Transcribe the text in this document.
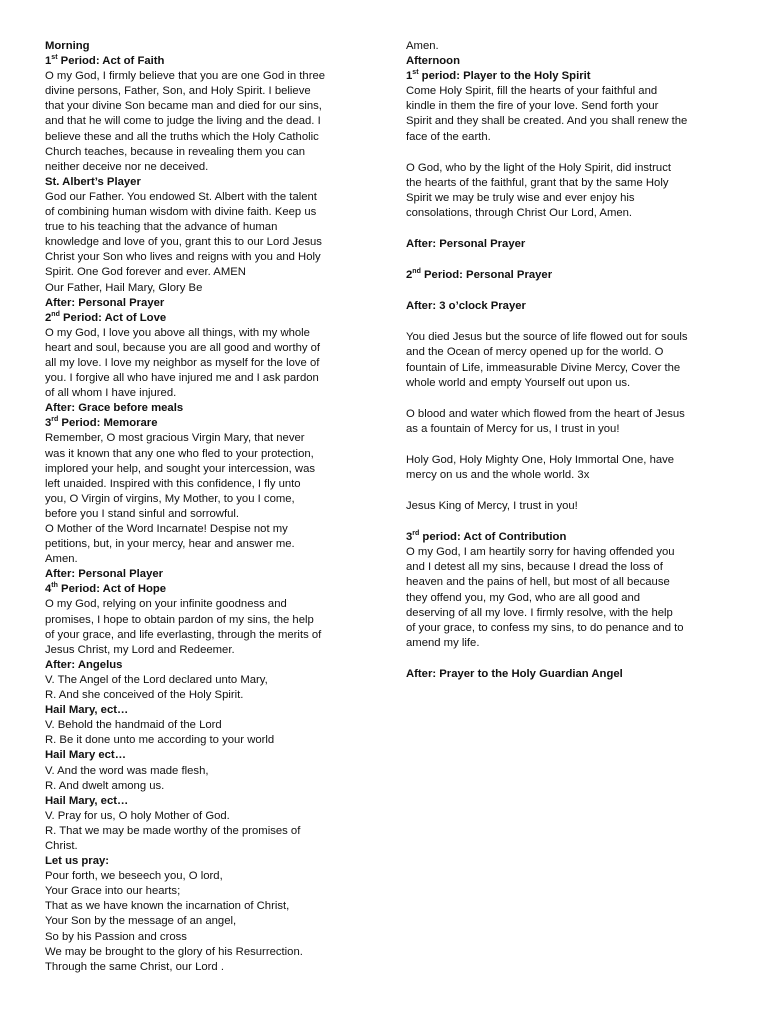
Morning
1st Period: Act of Faith
O my God, I firmly believe that you are one God in three
divine persons, Father, Son, and Holy Spirit. I believe
that your divine Son became man and died for our sins,
and that he will come to judge the living and the dead. I
believe these and all the truths which the Holy Catholic
Church teaches, because in revealing them you can
neither deceive nor ne deceived.
St. Albert’s Player
God our Father. You endowed St. Albert with the talent
of combining human wisdom with divine faith. Keep us
true to his teaching that the advance of human
knowledge and love of you, grant this to our Lord Jesus
Christ your Son who lives and reigns with you and Holy
Spirit. One God forever and ever. AMEN
Our Father, Hail Mary, Glory Be
After: Personal Prayer
2nd Period: Act of Love
O my God, I love you above all things, with my whole
heart and soul, because you are all good and worthy of
all my love. I love my neighbor as myself for the love of
you. I forgive all who have injured me and I ask pardon
of all whom I have injured.
After: Grace before meals
3rd Period: Memorare
Remember, O most gracious Virgin Mary, that never
was it known that any one who fled to your protection,
implored your help, and sought your intercession, was
left unaided. Inspired with this confidence, I fly unto
you, O Virgin of virgins, My Mother, to you I come,
before you I stand sinful and sorrowful.
O Mother of the Word Incarnate! Despise not my
petitions, but, in your mercy, hear and answer me.
Amen.
After: Personal Player
4th Period: Act of Hope
O my God, relying on your infinite goodness and
promises, I hope to obtain pardon of my sins, the help
of your grace, and life everlasting, through the merits of
Jesus Christ, my Lord and Redeemer.
After: Angelus
V. The Angel of the Lord declared unto Mary,
R. And she conceived of the Holy Spirit.
Hail Mary, ect…
V. Behold the handmaid of the Lord
R. Be it done unto me according to your world
Hail Mary ect…
V. And the word was made flesh,
R. And dwelt among us.
Hail Mary, ect…
V. Pray for us, O holy Mother of God.
R. That we may be made worthy of the promises of
Christ.
Let us pray:
Pour forth, we beseech you, O lord,
Your Grace into our hearts;
That as we have known the incarnation of Christ,
Your Son by the message of an angel,
So by his Passion and cross
We may be brought to the glory of his Resurrection.
Through the same Christ, our Lord .
Amen.
Afternoon
1st period: Player to the Holy Spirit
Come Holy Spirit, fill the hearts of your faithful and
kindle in them the fire of your love. Send forth your
Spirit and they shall be created. And you shall renew the
face of the earth.
O God, who by the light of the Holy Spirit, did instruct
the hearts of the faithful, grant that by the same Holy
Spirit we may be truly wise and ever enjoy his
consolations, through Christ Our Lord, Amen.
After: Personal Prayer
2nd Period: Personal Prayer
After: 3 o’clock Prayer
You died Jesus but the source of life flowed out for souls
and the Ocean of mercy opened up for the world. O
fountain of Life, immeasurable Divine Mercy, Cover the
whole world and empty Yourself out upon us.
O blood and water which flowed from the heart of Jesus
as a fountain of Mercy for us, I trust in you!
Holy God, Holy Mighty One, Holy Immortal One, have
mercy on us and the whole world. 3x
Jesus King of Mercy, I trust in you!
3rd period: Act of Contribution
O my God, I am heartily sorry for having offended you
and I detest all my sins, because I dread the loss of
heaven and the pains of hell, but most of all because
they offend you, my God, who are all good and
deserving of all my love. I firmly resolve, with the help
of your grace, to confess my sins, to do penance and to
amend my life.
After: Prayer to the Holy Guardian Angel
